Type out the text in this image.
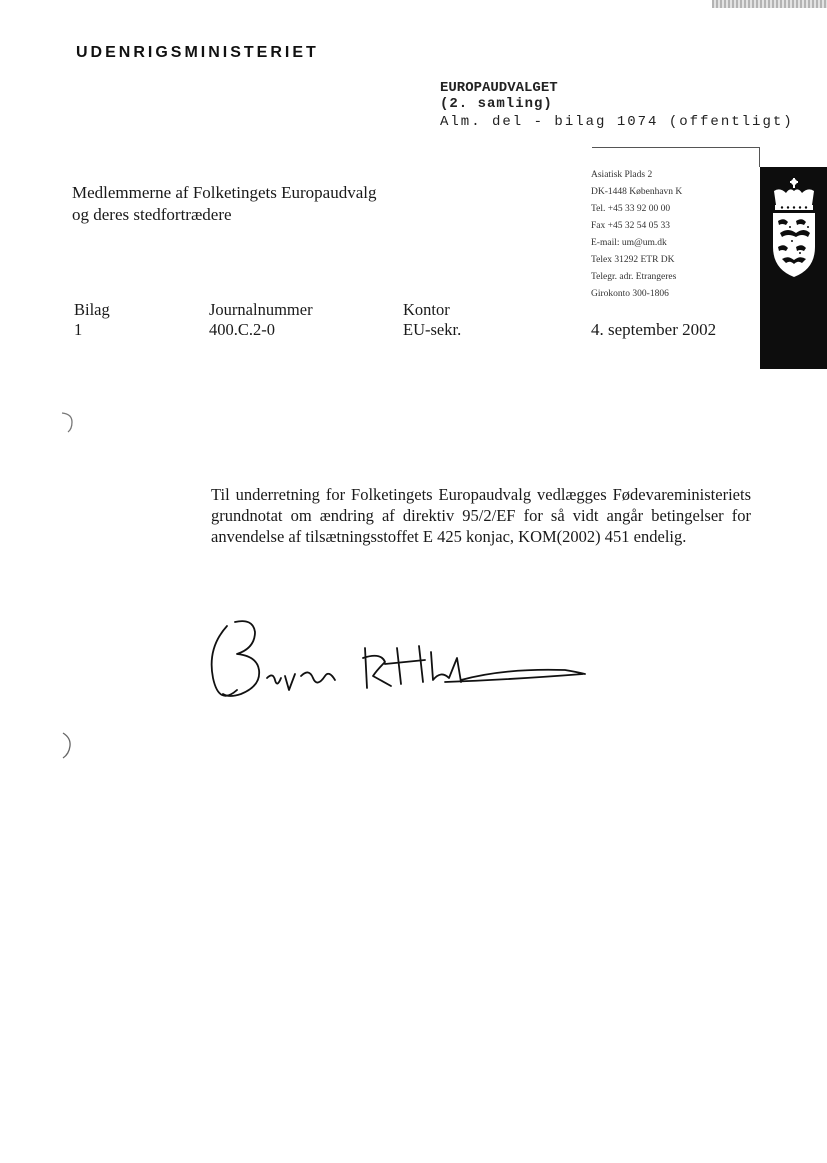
UDENRIGSMINISTERIET
EUROPAUDVALGET
(2. samling)
Alm. del - bilag 1074 (offentligt)
Asiatisk Plads 2
DK-1448 København K
Tel. +45 33 92 00 00
Fax +45 32 54 05 33
E-mail: um@um.dk
Telex 31292 ETR DK
Telegr. adr. Etrangeres
Girokonto 300-1806
Medlemmerne af Folketingets Europaudvalg
og deres stedfortrædere
Bilag
1
Journalnummer
400.C.2-0
Kontor
EU-sekr.	4. september 2002
Til underretning for Folketingets Europaudvalg vedlægges Fødevareministeriets grundnotat om ændring af direktiv 95/2/EF for så vidt angår betingelser for anvendelse af tilsætningsstoffet E 425 konjac, KOM(2002) 451 endelig.
